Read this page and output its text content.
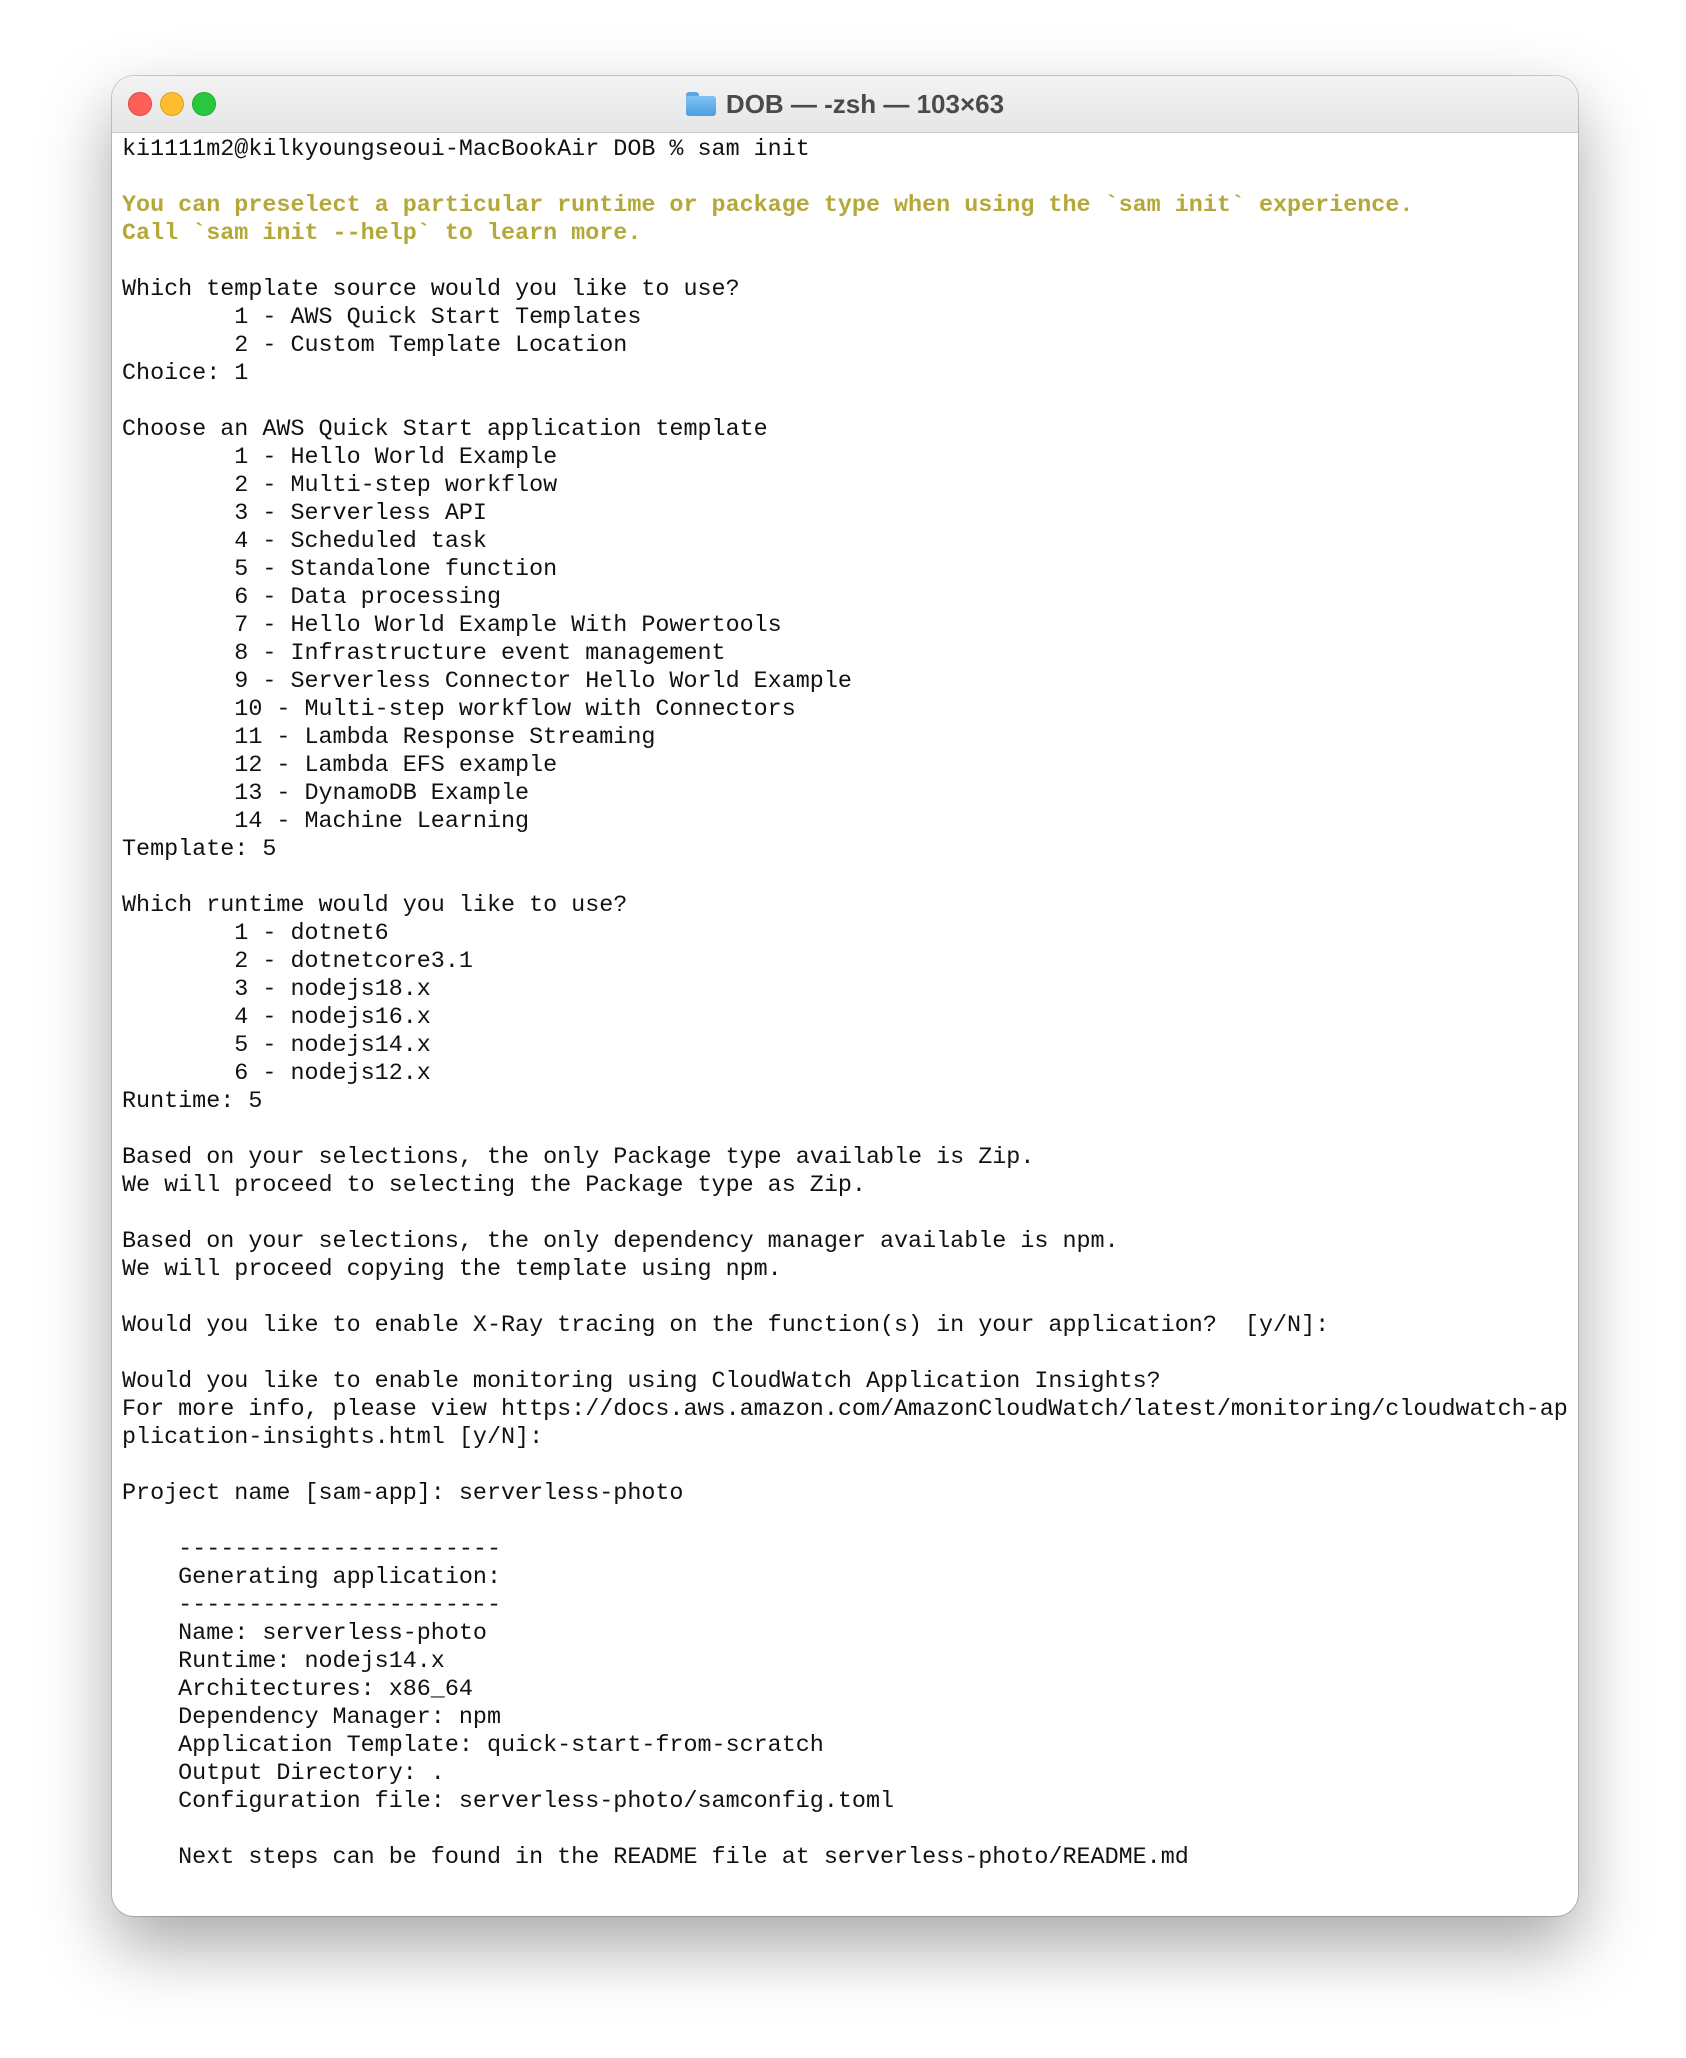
DOB — -zsh — 103×63
ki1111m2@kilkyoungseoui-MacBookAir DOB % sam init
You can preselect a particular runtime or package type when using the `sam init` experience.
Call `sam init --help` to learn more.
Which template source would you like to use?
1 - AWS Quick Start Templates
2 - Custom Template Location
Choice: 1
Choose an AWS Quick Start application template
1 - Hello World Example
2 - Multi-step workflow
3 - Serverless API
4 - Scheduled task
5 - Standalone function
6 - Data processing
7 - Hello World Example With Powertools
8 - Infrastructure event management
9 - Serverless Connector Hello World Example
10 - Multi-step workflow with Connectors
11 - Lambda Response Streaming
12 - Lambda EFS example
13 - DynamoDB Example
14 - Machine Learning
Template: 5
Which runtime would you like to use?
1 - dotnet6
2 - dotnetcore3.1
3 - nodejs18.x
4 - nodejs16.x
5 - nodejs14.x
6 - nodejs12.x
Runtime: 5
Based on your selections, the only Package type available is Zip.
We will proceed to selecting the Package type as Zip.
Based on your selections, the only dependency manager available is npm.
We will proceed copying the template using npm.
Would you like to enable X-Ray tracing on the function(s) in your application?  [y/N]:
Would you like to enable monitoring using CloudWatch Application Insights?
For more info, please view https://docs.aws.amazon.com/AmazonCloudWatch/latest/monitoring/cloudwatch-ap
plication-insights.html [y/N]:
Project name [sam-app]: serverless-photo
-----------------------
Generating application:
-----------------------
Name: serverless-photo
Runtime: nodejs14.x
Architectures: x86_64
Dependency Manager: npm
Application Template: quick-start-from-scratch
Output Directory: .
Configuration file: serverless-photo/samconfig.toml
Next steps can be found in the README file at serverless-photo/README.md
